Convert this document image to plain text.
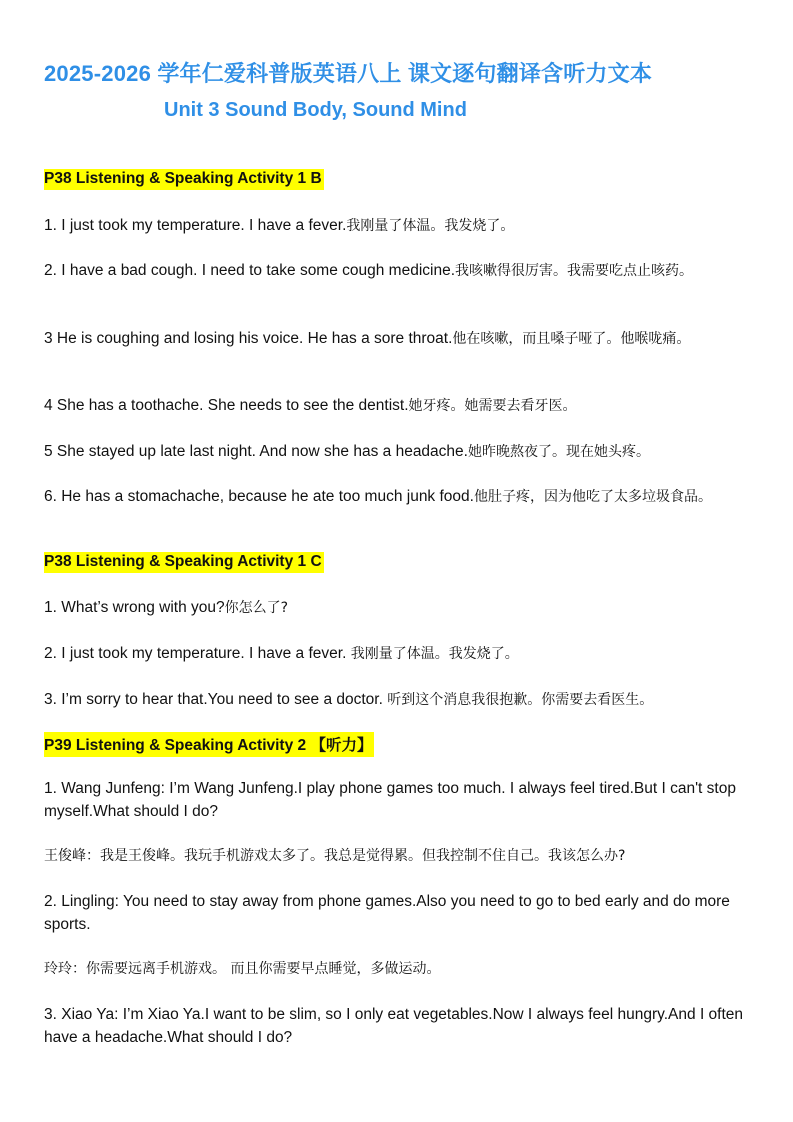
2025-2026 学年仁爱科普版英语八上 课文逐句翻译含听力文本
Unit 3 Sound Body, Sound Mind
P38 Listening & Speaking Activity 1 B
1. I just took my temperature. I have a fever.我刚量了体温。我发烧了。
2. I have a bad cough. I need to take some cough medicine.我咳嗽得很厉害。我需要吃点止咳药。
3 He is coughing and losing his voice. He has a sore throat.他在咳嗽，而且嗓子哑了。他喉咙痛。
4 She has a toothache. She needs to see the dentist.她牙疼。她需要去看牙医。
5 She stayed up late last night. And now she has a headache.她昨晚熬夜了。现在她头疼。
6. He has a stomachache, because he ate too much junk food.他肚子疼，因为他吃了太多垃圾食品。
P38 Listening & Speaking Activity 1 C
1. What’s wrong with you?你怎么了?
2. I just took my temperature. I have a fever. 我刚量了体温。我发烧了。
3. I’m sorry to hear that.You need to see a doctor. 听到这个消息我很抱歉。你需要去看医生。
P39 Listening & Speaking Activity 2 【听力】
1. Wang Junfeng: I’m Wang Junfeng.I play phone games too much. I always feel tired.But I can't stop myself.What should I do?
王俊峰：我是王俊峰。我玩手机游戏太多了。我总是觉得累。但我控制不住自己。我该怎么办?
2. Lingling: You need to stay away from phone games.Also you need to go to bed early and do more sports.
玲玲：你需要远离手机游戏。 而且你需要早点睡觉，多做运动。
3. Xiao Ya: I’m Xiao Ya.I want to be slim, so I only eat vegetables.Now I always feel hungry.And I often have a headache.What should I do?
